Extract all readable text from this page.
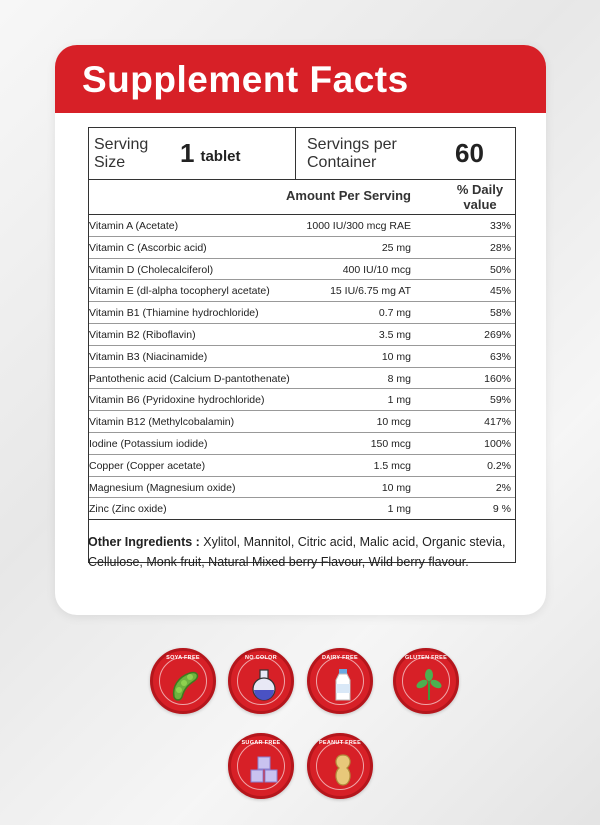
Supplement Facts
Serving Size	1 tablet
Servings per Container	60
Amount Per Serving	% Daily value
Vitamin A (Acetate)	1000 IU/300 mcg RAE	33%
Vitamin C (Ascorbic acid)	25 mg	28%
Vitamin D (Cholecalciferol)	400 IU/10 mcg	50%
Vitamin E (dl-alpha tocopheryl acetate)	15 IU/6.75 mg AT	45%
Vitamin B1 (Thiamine hydrochloride)	0.7 mg	58%
Vitamin B2 (Riboflavin)	3.5 mg	269%
Vitamin B3 (Niacinamide)	10 mg	63%
Pantothenic acid (Calcium D-pantothenate)	8 mg	160%
Vitamin B6 (Pyridoxine hydrochloride)	1 mg	59%
Vitamin B12 (Methylcobalamin)	10 mcg	417%
Iodine (Potassium iodide)	150 mcg	100%
Copper (Copper acetate)	1.5 mcg	0.2%
Magnesium (Magnesium oxide)	10 mg	2%
Zinc (Zinc oxide)	1 mg	9 %
Other Ingredients : Xylitol, Mannitol, Citric acid, Malic acid, Organic stevia, Cellulose, Monk fruit, Natural Mixed berry Flavour, Wild berry flavour.
SOYA FREE	NO COLOR	DAIRY FREE	GLUTEN FREE
SUGAR FREE	PEANUT FREE
